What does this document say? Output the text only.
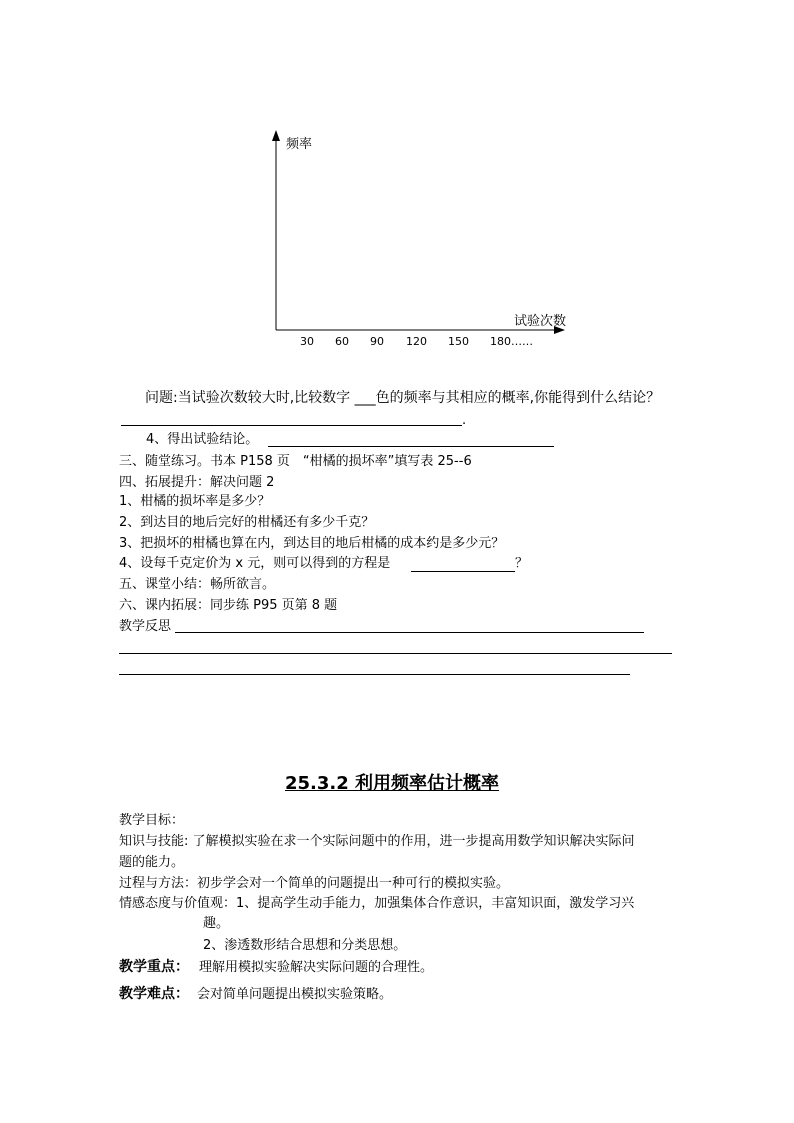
频率
试验次数
30 60 90 120 150 180……
问题:当试验次数较大时,比较数字 ___色的频率与其相应的概率,你能得到什么结论？
.
4、得出试验结论。
三、随堂练习。书本 P158 页　“柑橘的损坏率”填写表 25--6
四、拓展提升：解决问题 2
1、柑橘的损坏率是多少？
2、到达目的地后完好的柑橘还有多少千克？
3、把损坏的柑橘也算在内，到达目的地后柑橘的成本约是多少元？
4、设每千克定价为 x 元，则可以得到的方程是	？
五、课堂小结：畅所欲言。
六、课内拓展：同步练 P95 页第 8 题
教学反思
25.3.2 利用频率估计概率
教学目标：
知识与技能: 了解模拟实验在求一个实际问题中的作用，进一步提高用数学知识解决实际问
题的能力。
过程与方法：初步学会对一个简单的问题提出一种可行的模拟实验。
情感态度与价值观：1、提高学生动手能力，加强集体合作意识，丰富知识面，激发学习兴
趣。
2、渗透数形结合思想和分类思想。
教学重点： 理解用模拟实验解决实际问题的合理性。
教学难点： 会对简单问题提出模拟实验策略。
